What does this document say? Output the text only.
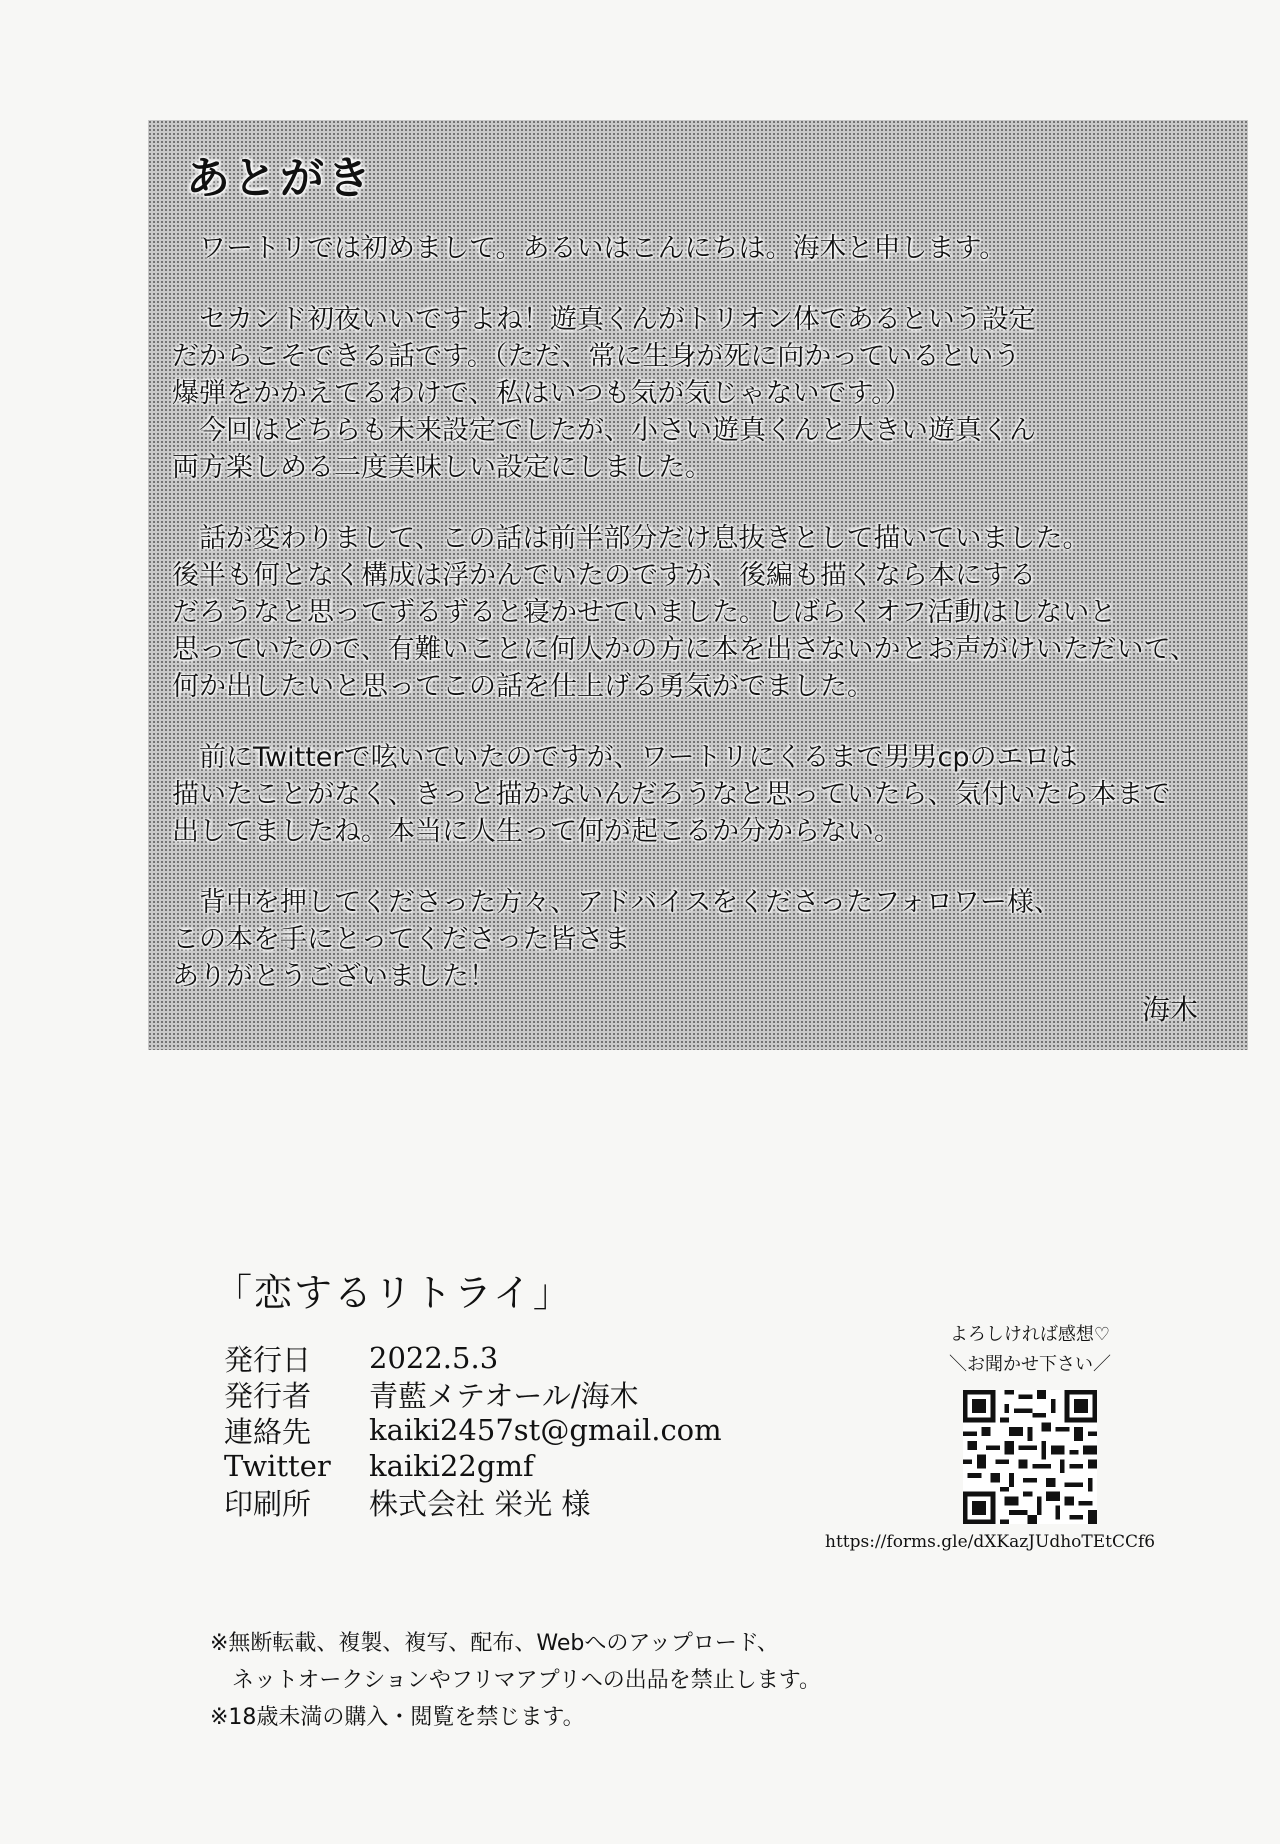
あとがき

　ワートリでは初めまして。あるいはこんにちは。海木と申します。

　セカンド初夜いいですよね！遊真くんがトリオン体であるという設定
だからこそできる話です。（ただ、常に生身が死に向かっているという
爆弾をかかえてるわけで、私はいつも気が気じゃないです。）
　今回はどちらも未来設定でしたが、小さい遊真くんと大きい遊真くん
両方楽しめる二度美味しい設定にしました。

　話が変わりまして、この話は前半部分だけ息抜きとして描いていました。
後半も何となく構成は浮かんでいたのですが、後編も描くなら本にする
だろうなと思ってずるずると寝かせていました。しばらくオフ活動はしないと
思っていたので、有難いことに何人かの方に本を出さないかとお声がけいただいて、
何か出したいと思ってこの話を仕上げる勇気がでました。

　前にTwitterで呟いていたのですが、ワートリにくるまで男男cpのエロは
描いたことがなく、きっと描かないんだろうなと思っていたら、気付いたら本まで
出してましたね。本当に人生って何が起こるか分からない。

　背中を押してくださった方々、アドバイスをくださったフォロワー様、
この本を手にとってくださった皆さま
ありがとうございました！

海木
「恋するリトライ」
発行日	2022.5.3
発行者	青藍メテオール/海木
連絡先	kaiki2457st@gmail.com
Twitter	kaiki22gmf
印刷所	株式会社 栄光 様
よろしければ感想♡
＼お聞かせ下さい／
https://forms.gle/dXKazJUdhoTEtCCf6
※無断転載、複製、複写、配布、Webへのアップロード、
　ネットオークションやフリマアプリへの出品を禁止します。
※18歳未満の購入・閲覧を禁じます。
